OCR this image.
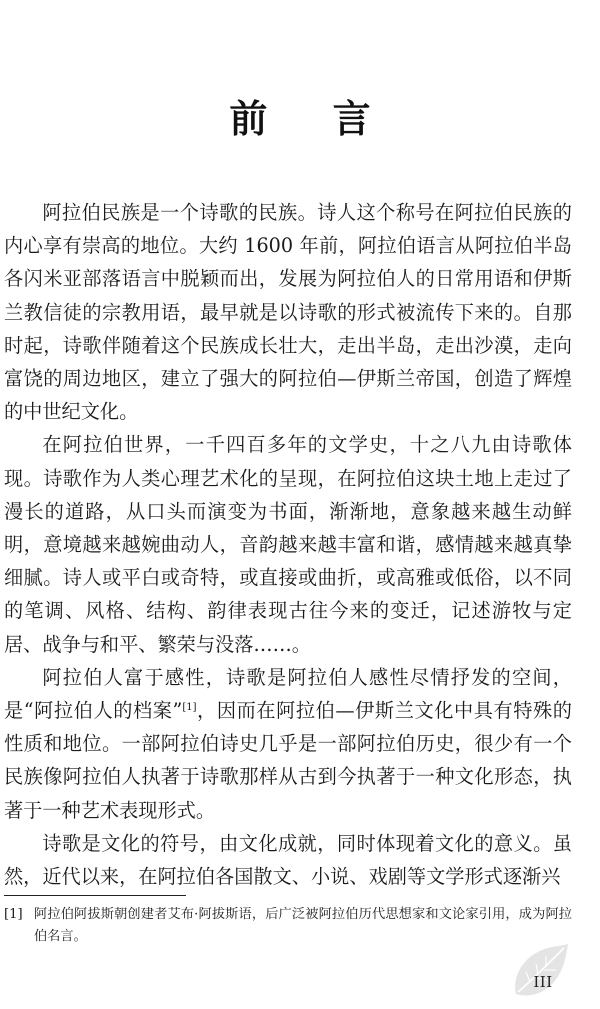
前 言

阿拉伯民族是一个诗歌的民族。诗人这个称号在阿拉伯民族的内心享有崇高的地位。大约 1600 年前，阿拉伯语言从阿拉伯半岛各闪米亚部落语言中脱颖而出，发展为阿拉伯人的日常用语和伊斯兰教信徒的宗教用语，最早就是以诗歌的形式被流传下来的。自那时起，诗歌伴随着这个民族成长壮大，走出半岛，走出沙漠，走向富饶的周边地区，建立了强大的阿拉伯—伊斯兰帝国，创造了辉煌的中世纪文化。

在阿拉伯世界，一千四百多年的文学史，十之八九由诗歌体现。诗歌作为人类心理艺术化的呈现，在阿拉伯这块土地上走过了漫长的道路，从口头而演变为书面，渐渐地，意象越来越生动鲜明，意境越来越婉曲动人，音韵越来越丰富和谐，感情越来越真挚细腻。诗人或平白或奇特，或直接或曲折，或高雅或低俗，以不同的笔调、风格、结构、韵律表现古往今来的变迁，记述游牧与定居、战争与和平、繁荣与没落……。

阿拉伯人富于感性，诗歌是阿拉伯人感性尽情抒发的空间，是“阿拉伯人的档案”[1]，因而在阿拉伯—伊斯兰文化中具有特殊的性质和地位。一部阿拉伯诗史几乎是一部阿拉伯历史，很少有一个民族像阿拉伯人执著于诗歌那样从古到今执著于一种文化形态，执著于一种艺术表现形式。

诗歌是文化的符号，由文化成就，同时体现着文化的意义。虽然，近代以来，在阿拉伯各国散文、小说、戏剧等文学形式逐渐兴

[1] 阿拉伯阿拔斯朝创建者艾布·阿拔斯语，后广泛被阿拉伯历代思想家和文论家引用，成为阿拉伯名言。
III
